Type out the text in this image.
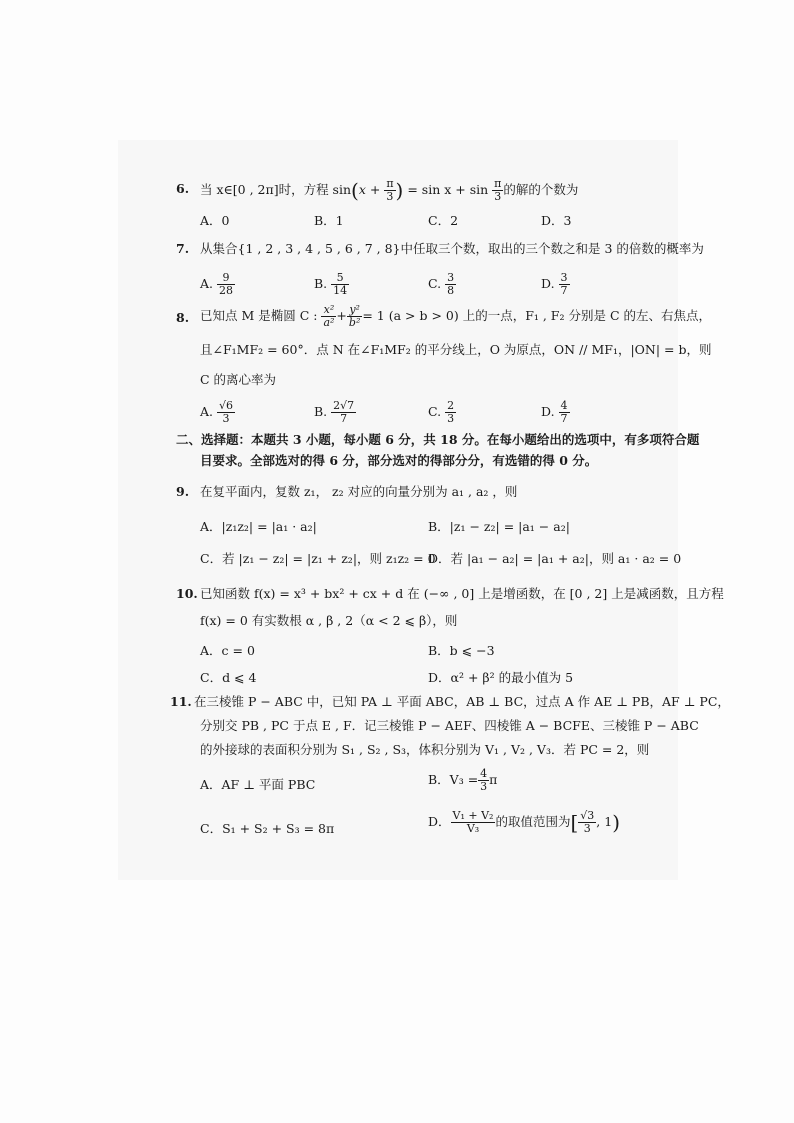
6. 当 x∈[0 , 2π]时，方程 $\sin(x + \frac{\pi}{3}$ ) = $\sin x + \sin \frac{\pi}{3}$ 的解的个数为
A．0	B．1	C．2	D．3
7. 从集合{1 , 2 , 3 , 4 , 5 , 6 , 7 , 8}中任取三个数，取出的三个数之和是 3 的倍数的概率为
A. $\frac{9}{28}$	B. $\frac{5}{14}$	C. $\frac{3}{8}$	D. $\frac{3}{7}$
8. 已知点 M 是椭圆 C : $\frac{\text{x²}}{\text{a²}} + \frac{\text{y²}}{\text{b²}} = 1$ (a > b > 0) 上的一点，F₁ , F₂ 分别是 C 的左、右焦点，
且∠F₁MF₂ = 60°．点 N 在∠F₁MF₂ 的平分线上，O 为原点，ON // MF₁，|ON| = b，则
C 的离心率为
A. $\frac{√6}{3}$	B. $\frac{2√7}{7}$	C. $\frac{2}{3}$	D. $\frac{4}{7}$
二、选择题：本题共 3 小题，每小题 6 分，共 18 分。在每小题给出的选项中，有多项符合题
目要求。全部选对的得 6 分，部分选对的得部分分，有选错的得 0 分。
9. 在复平面内，复数 z₁， z₂ 对应的向量分别为 a₁ , a₂ ，则
A．|z₁z₂| = |a₁ · a₂|	B．|z₁ − z₂| = |a₁ − a₂|
C．若 |z₁ − z₂| = |z₁ + z₂|，则 z₁z₂ = 0
D．若 |a₁ − a₂| = |a₁ + a₂|，则 a₁ · a₂ = 0
10. 已知函数 f(x) = x³ + bx² + cx + d 在 (−∞ , 0] 上是增函数，在 [0 , 2] 上是减函数，且方程
f(x) = 0 有实数根 α , β , 2（α < 2 ⩽ β），则
A．c = 0	B．b ⩽ −3
C．d ⩽ 4	D．α² + β² 的最小值为 5
11. 在三棱锥 P − ABC 中，已知 PA ⊥ 平面 ABC，AB ⊥ BC，过点 A 作 AE ⊥ PB，AF ⊥ PC，
分别交 PB , PC 于点 E , F．记三棱锥 P − AEF、四棱锥 A − BCFE、三棱锥 P − ABC
的外接球的表面积分别为 S₁ , S₂ , S₃，体积分别为 V₁ , V₂ , V₃．若 PC = 2，则
A．AF ⊥ 平面 PBC	B．$V_3 = \frac{4}{3}$ π
C．S₁ + S₂ + S₃ = 8π	D． $\frac{\text{V₁ + V₂}}{\text{V₃}}$ 的取值范围为[ $\frac{√3}{3}$ , 1)
